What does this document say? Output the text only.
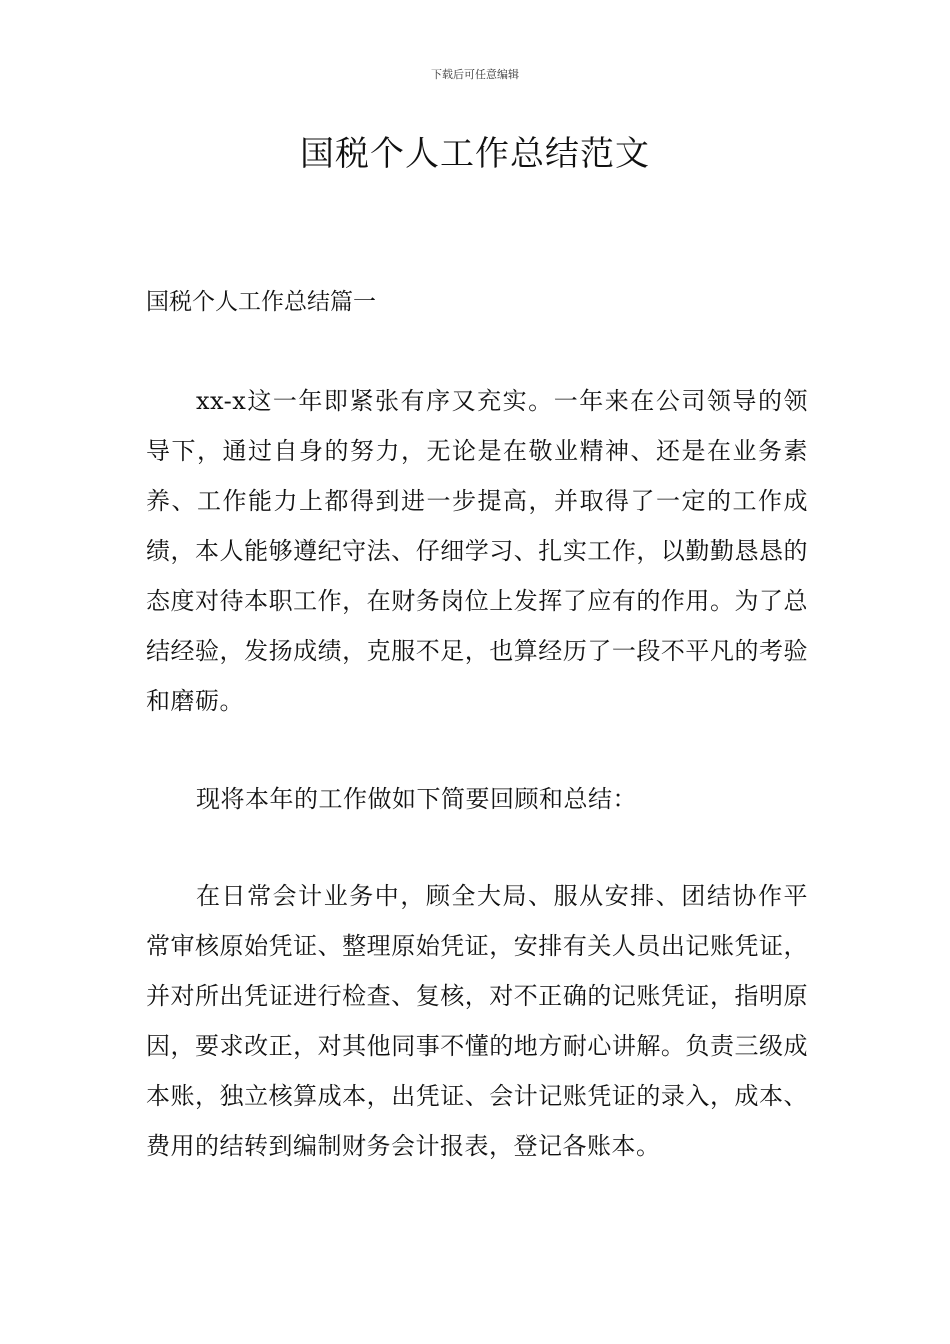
下载后可任意编辑
国税个人工作总结范文
国税个人工作总结篇一

xx-x这一年即紧张有序又充实。一年来在公司领导的领导下，通过自身的努力，无论是在敬业精神、还是在业务素养、工作能力上都得到进一步提高，并取得了一定的工作成绩，本人能够遵纪守法、仔细学习、扎实工作，以勤勤恳恳的态度对待本职工作，在财务岗位上发挥了应有的作用。为了总结经验，发扬成绩，克服不足，也算经历了一段不平凡的考验和磨砺。

现将本年的工作做如下简要回顾和总结：

在日常会计业务中，顾全大局、服从安排、团结协作平常审核原始凭证、整理原始凭证，安排有关人员出记账凭证，并对所出凭证进行检查、复核，对不正确的记账凭证，指明原因，要求改正，对其他同事不懂的地方耐心讲解。负责三级成本账，独立核算成本，出凭证、会计记账凭证的录入，成本、费用的结转到编制财务会计报表，登记各账本。
